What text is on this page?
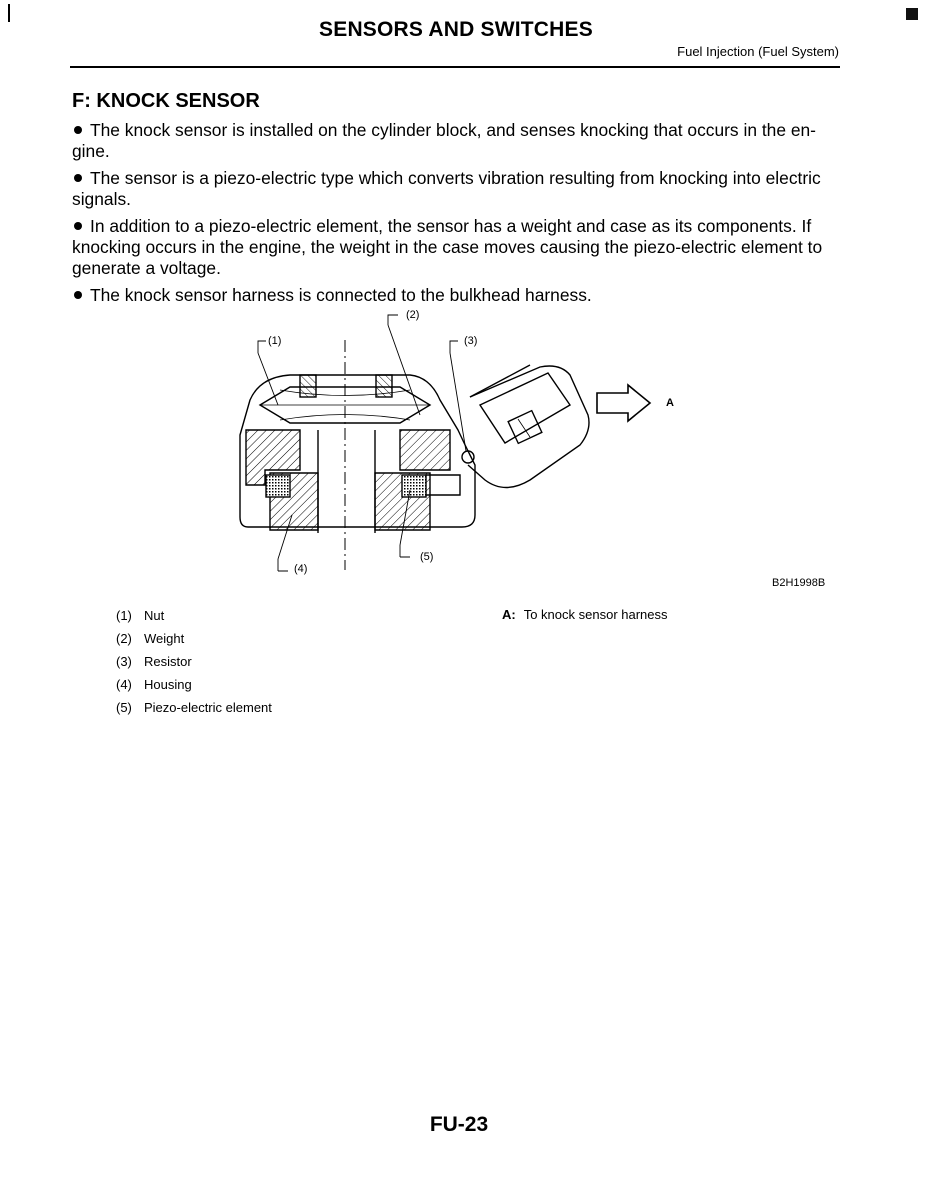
SENSORS AND SWITCHES
Fuel Injection (Fuel System)
F: KNOCK SENSOR

The knock sensor is installed on the cylinder block, and senses knocking that occurs in the en-gine.

The sensor is a piezo-electric type which converts vibration resulting from knocking into electric signals.

In addition to a piezo-electric element, the sensor has a weight and case as its components. If knocking occurs in the engine, the weight in the case moves causing the piezo-electric element to generate a voltage.

The knock sensor harness is connected to the bulkhead harness.

(1)
(2)
(3)
(4)
(5)
A
B2H1998B
(1) Nut
(2) Weight
(3) Resistor
(4) Housing
(5) Piezo-electric element
A: To knock sensor harness
FU-23
